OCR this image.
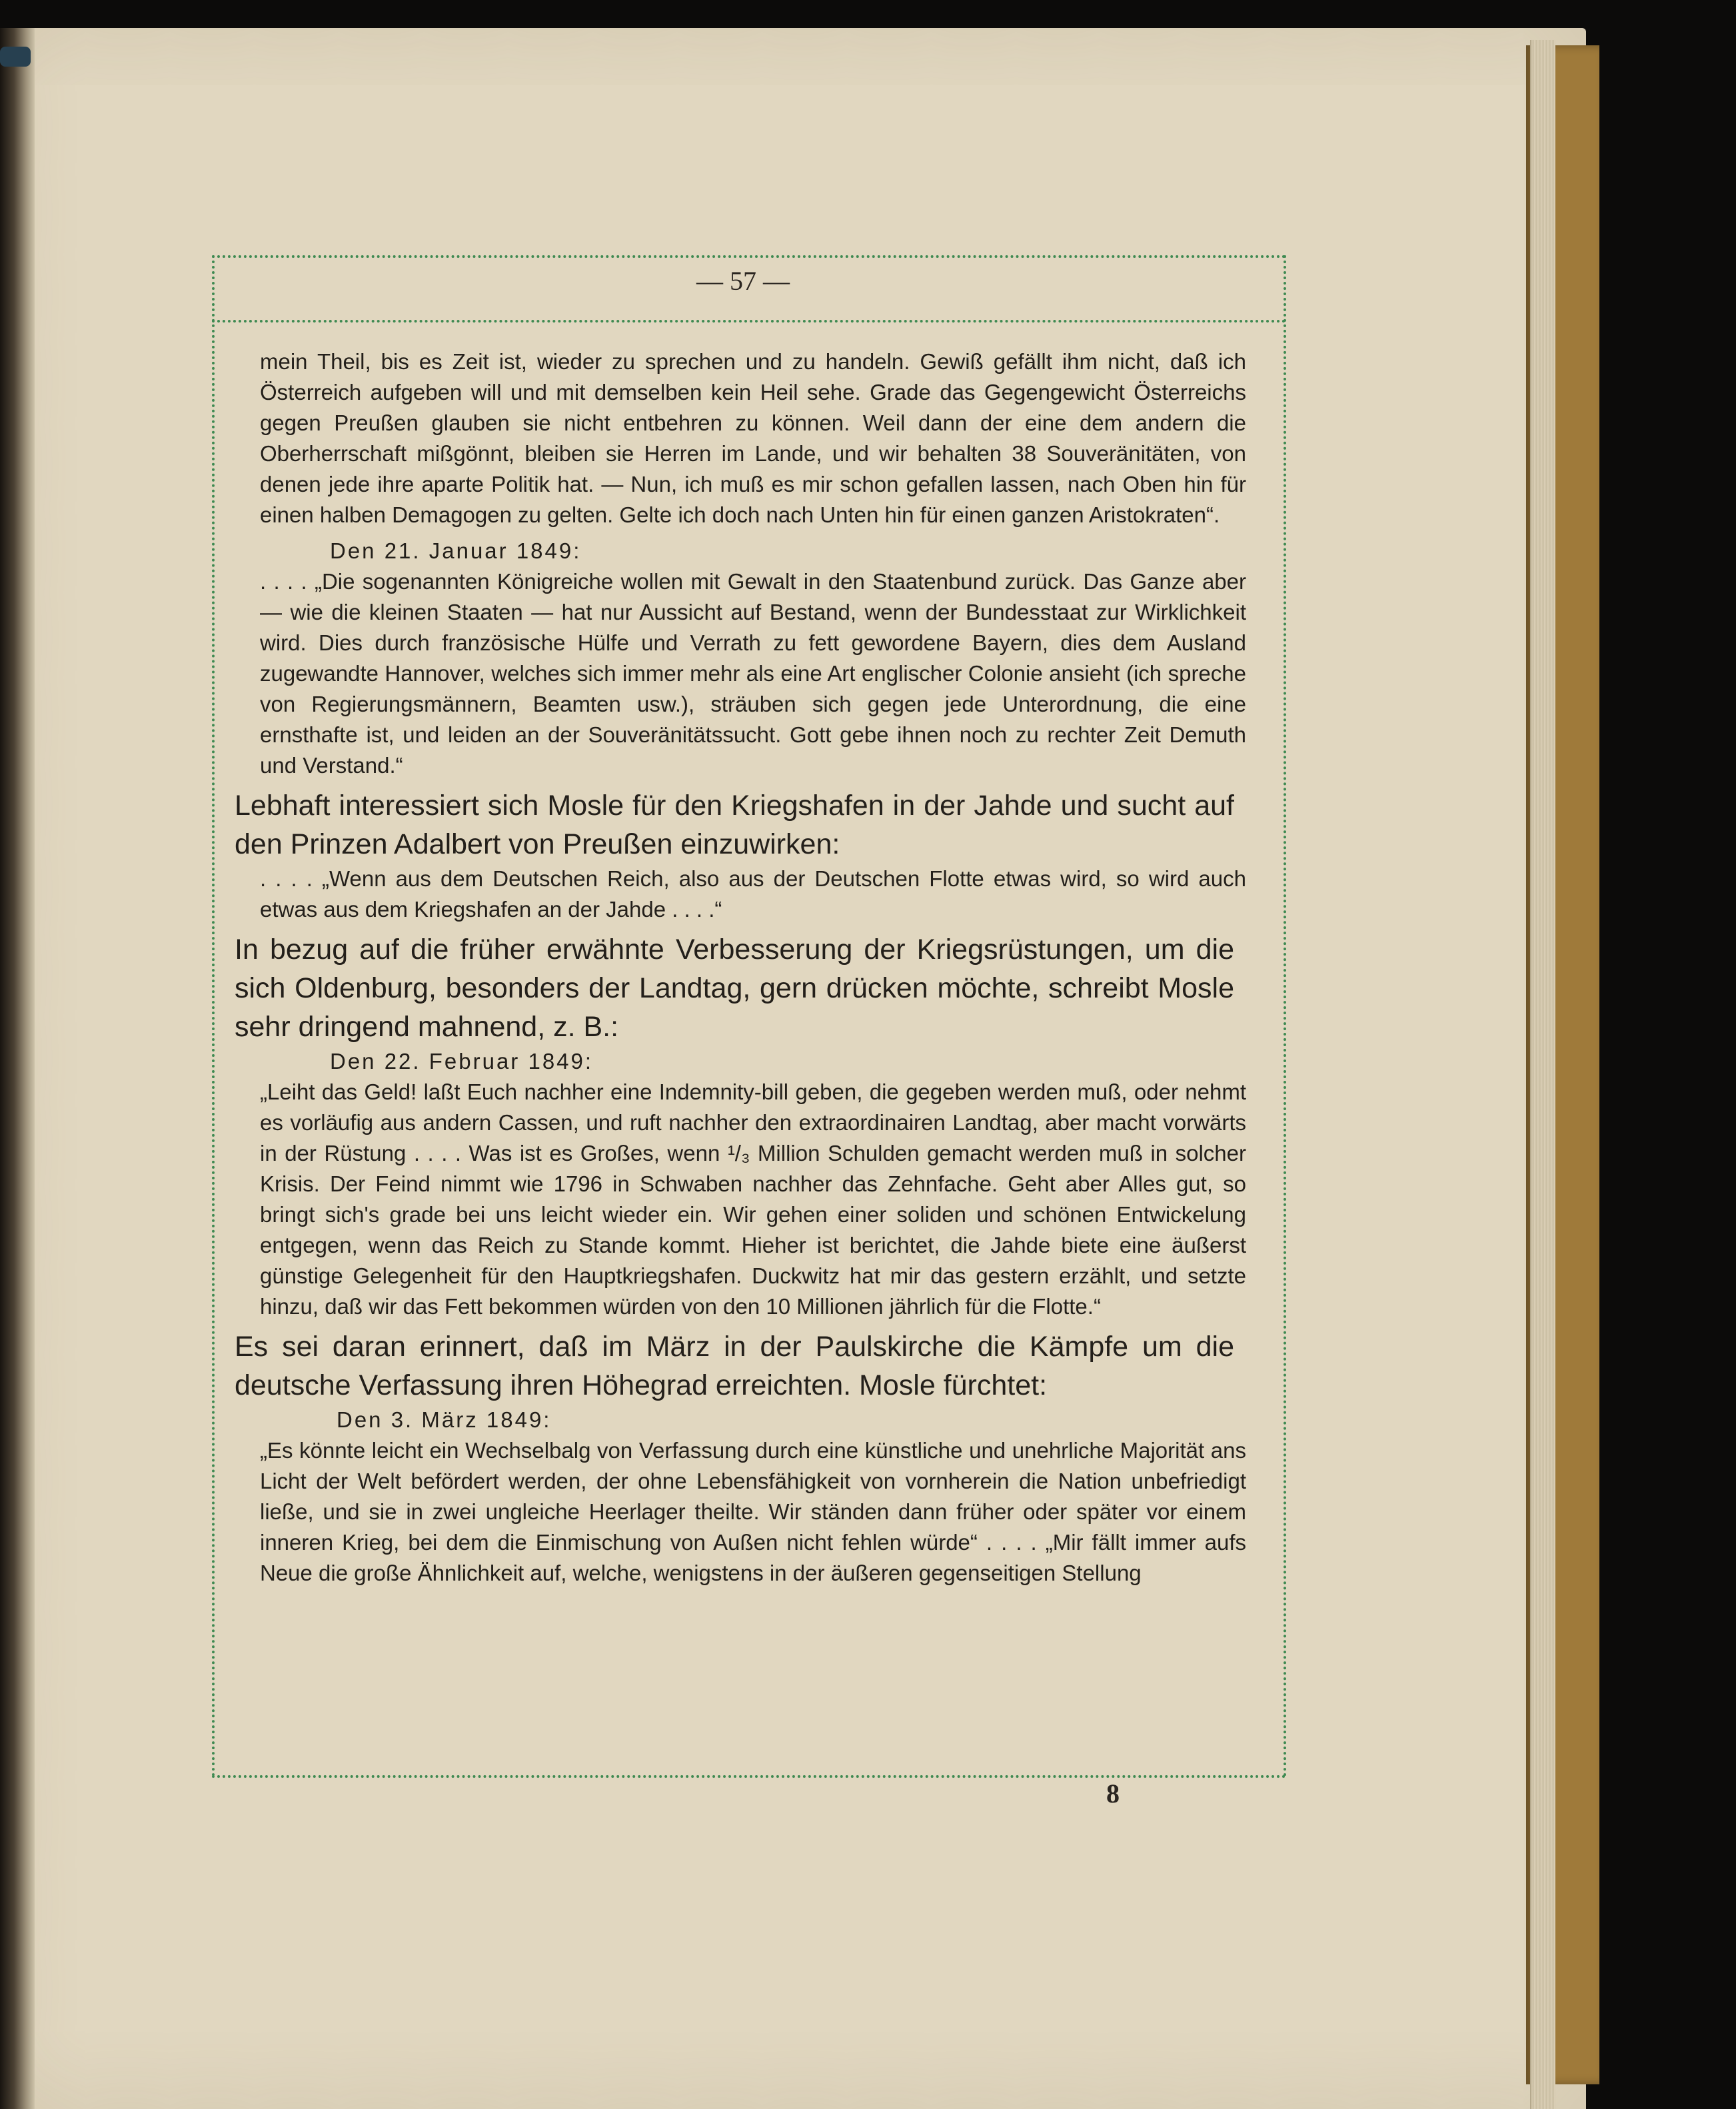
— 57 —

mein Theil, bis es Zeit ist, wieder zu sprechen und zu handeln. Gewiß gefällt ihm nicht, daß ich Österreich aufgeben will und mit demselben kein Heil sehe. Grade das Gegengewicht Österreichs gegen Preußen glauben sie nicht entbehren zu können. Weil dann der eine dem andern die Oberherrschaft mißgönnt, bleiben sie Herren im Lande, und wir behalten 38 Souveränitäten, von denen jede ihre aparte Politik hat. — Nun, ich muß es mir schon gefallen lassen, nach Oben hin für einen halben Demagogen zu gelten. Gelte ich doch nach Unten hin für einen ganzen Aristokraten“.

Den 21. Januar 1849:

. . . . „Die sogenannten Königreiche wollen mit Gewalt in den Staatenbund zurück. Das Ganze aber — wie die kleinen Staaten — hat nur Aussicht auf Bestand, wenn der Bundesstaat zur Wirklichkeit wird. Dies durch französische Hülfe und Verrath zu fett gewordene Bayern, dies dem Ausland zugewandte Hannover, welches sich immer mehr als eine Art englischer Colonie ansieht (ich spreche von Regierungsmännern, Beamten usw.), sträuben sich gegen jede Unterordnung, die eine ernsthafte ist, und leiden an der Souveränitätssucht. Gott gebe ihnen noch zu rechter Zeit Demuth und Verstand.“

Lebhaft interessiert sich Mosle für den Kriegshafen in der Jahde und sucht auf den Prinzen Adalbert von Preußen einzuwirken:

. . . . „Wenn aus dem Deutschen Reich, also aus der Deutschen Flotte etwas wird, so wird auch etwas aus dem Kriegshafen an der Jahde . . . .“

In bezug auf die früher erwähnte Verbesserung der Kriegsrüstungen, um die sich Oldenburg, besonders der Landtag, gern drücken möchte, schreibt Mosle sehr dringend mahnend, z. B.:

Den 22. Februar 1849:

„Leiht das Geld! laßt Euch nachher eine Indemnity-bill geben, die gegeben werden muß, oder nehmt es vorläufig aus andern Cassen, und ruft nachher den extraordinairen Landtag, aber macht vorwärts in der Rüstung . . . . Was ist es Großes, wenn ¹/₃ Million Schulden gemacht werden muß in solcher Krisis. Der Feind nimmt wie 1796 in Schwaben nachher das Zehnfache. Geht aber Alles gut, so bringt sich's grade bei uns leicht wieder ein. Wir gehen einer soliden und schönen Entwickelung entgegen, wenn das Reich zu Stande kommt. Hieher ist berichtet, die Jahde biete eine äußerst günstige Gelegenheit für den Hauptkriegshafen. Duckwitz hat mir das gestern erzählt, und setzte hinzu, daß wir das Fett bekommen würden von den 10 Millionen jährlich für die Flotte.“

Es sei daran erinnert, daß im März in der Paulskirche die Kämpfe um die deutsche Verfassung ihren Höhegrad erreichten. Mosle fürchtet:

Den 3. März 1849:

„Es könnte leicht ein Wechselbalg von Verfassung durch eine künstliche und unehrliche Majorität ans Licht der Welt befördert werden, der ohne Lebensfähigkeit von vornherein die Nation unbefriedigt ließe, und sie in zwei ungleiche Heerlager theilte. Wir ständen dann früher oder später vor einem inneren Krieg, bei dem die Einmischung von Außen nicht fehlen würde“ . . . . „Mir fällt immer aufs Neue die große Ähnlichkeit auf, welche, wenigstens in der äußeren gegenseitigen Stellung

8
